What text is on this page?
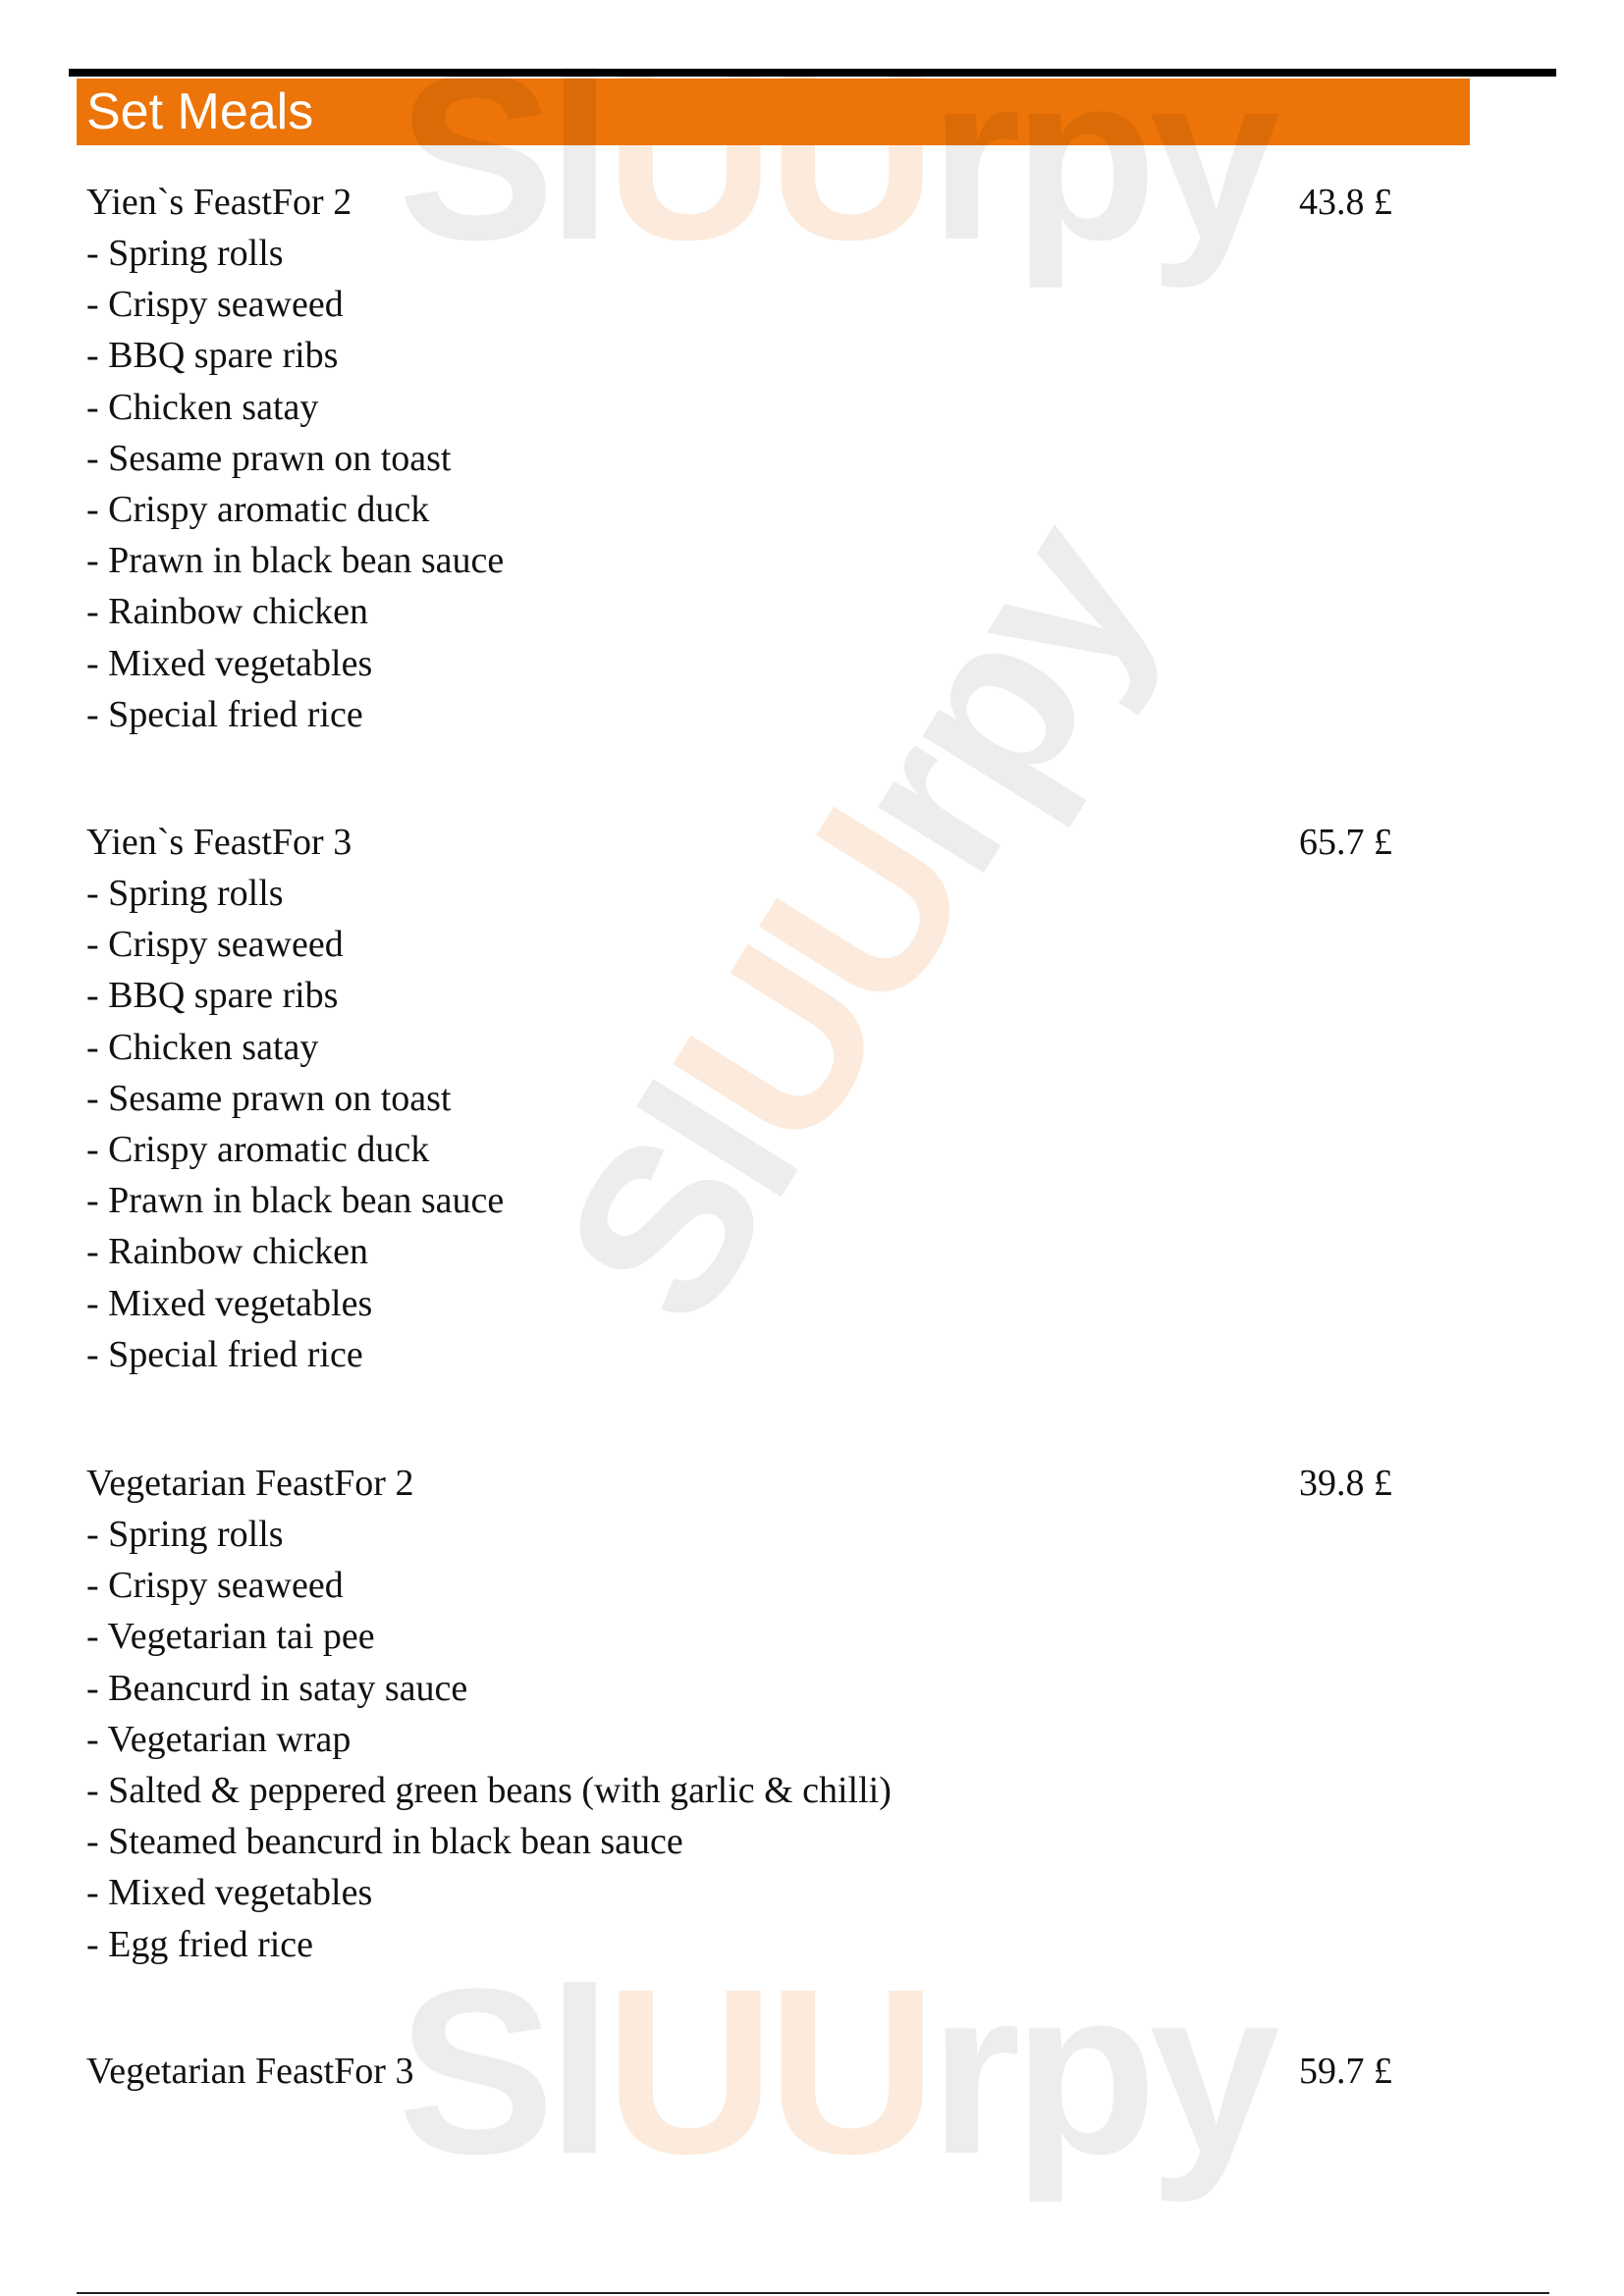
Set Meals SlUUrpy
SlUUrpy
SlUUrpy
Yien`s FeastFor 2	43.8 £
- Spring rolls
- Crispy seaweed
- BBQ spare ribs
- Chicken satay
- Sesame prawn on toast
- Crispy aromatic duck
- Prawn in black bean sauce
- Rainbow chicken
- Mixed vegetables
- Special fried rice
Yien`s FeastFor 3	65.7 £
- Spring rolls
- Crispy seaweed
- BBQ spare ribs
- Chicken satay
- Sesame prawn on toast
- Crispy aromatic duck
- Prawn in black bean sauce
- Rainbow chicken
- Mixed vegetables
- Special fried rice
Vegetarian FeastFor 2	39.8 £
- Spring rolls
- Crispy seaweed
- Vegetarian tai pee
- Beancurd in satay sauce
- Vegetarian wrap
- Salted & peppered green beans (with garlic & chilli)
- Steamed beancurd in black bean sauce
- Mixed vegetables
- Egg fried rice
Vegetarian FeastFor 3	59.7 £
